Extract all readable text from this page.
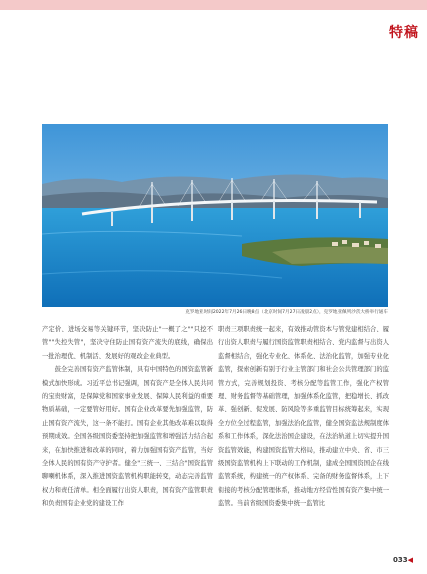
特稿
克罗地亚时间2022年7月26日晚8点（北京时间7月27日凌晨2点），克罗地亚佩列沙茨大桥举行通车

产定价、进场交易等关键环节，坚决防止"一概了之""只挖不管""失控失管"，坚决守住防止国有资产流失的底线，确保出一批治理优、机制活、发展好的观改企业典型。

鼓全完善国有资产监管体制，具有中国特色的国资监管新模式加快形成。习近平总书记强调，国有资产是全体人民共同的宝贵财富，是保障党和国家事业发展、保障人民利益的重要物质基础，一定要管好用好。国有企业改革要先加强监管，防止国有资产流失，这一条不能打。国有企业其他改革难以取得预期成效。全国各级国资委坚持把加强监管和增强活力结合起来，在加快推进和改革的同时，着力加强国有资产监管，当好全体人民的国有资产守护者。健全"三统一、三结合"国资监管聊喇机体系，深入推进国资监管机构职能转变，动态完善监管权力和责任清单。相全面履行出资人职责，国有资产监管职责和负责国有企业党的建设工作

职责三项职责统一起来，有效推动管资本与管党建相结合、履行出资人职责与履行国资监管职责相结合、党内监督与出资人监督相结合，强化专业化、体系化、法治化监管，加强专业化监管，探索创新有别于行业主管部门和社会公共管理部门的监管方式，完善规划投资、考核分配等监管工作，强化产权管理、财务监督等基础管理，加强体系化监管，把稳增长、抓改革、强创新、促发展、防风险等多重监管目标统筹起来，实现全方位全过程监管，加强法治化监管，健全国资监法规制度体系和工作体系，深化法治国企建设，在法治轨道上切实提升国资监管效能，构建国资监管大格局，推动建立中央、省、市三级国资监管机构上下联动的工作机制，建成全国国资国企在线监管系统，构建统一的产权体系、完备的财务监督体系，上下衔接的考核分配管理体系，推动地方经营性国有资产集中统一监管。当前省级国资委集中统一监管比

033◀
